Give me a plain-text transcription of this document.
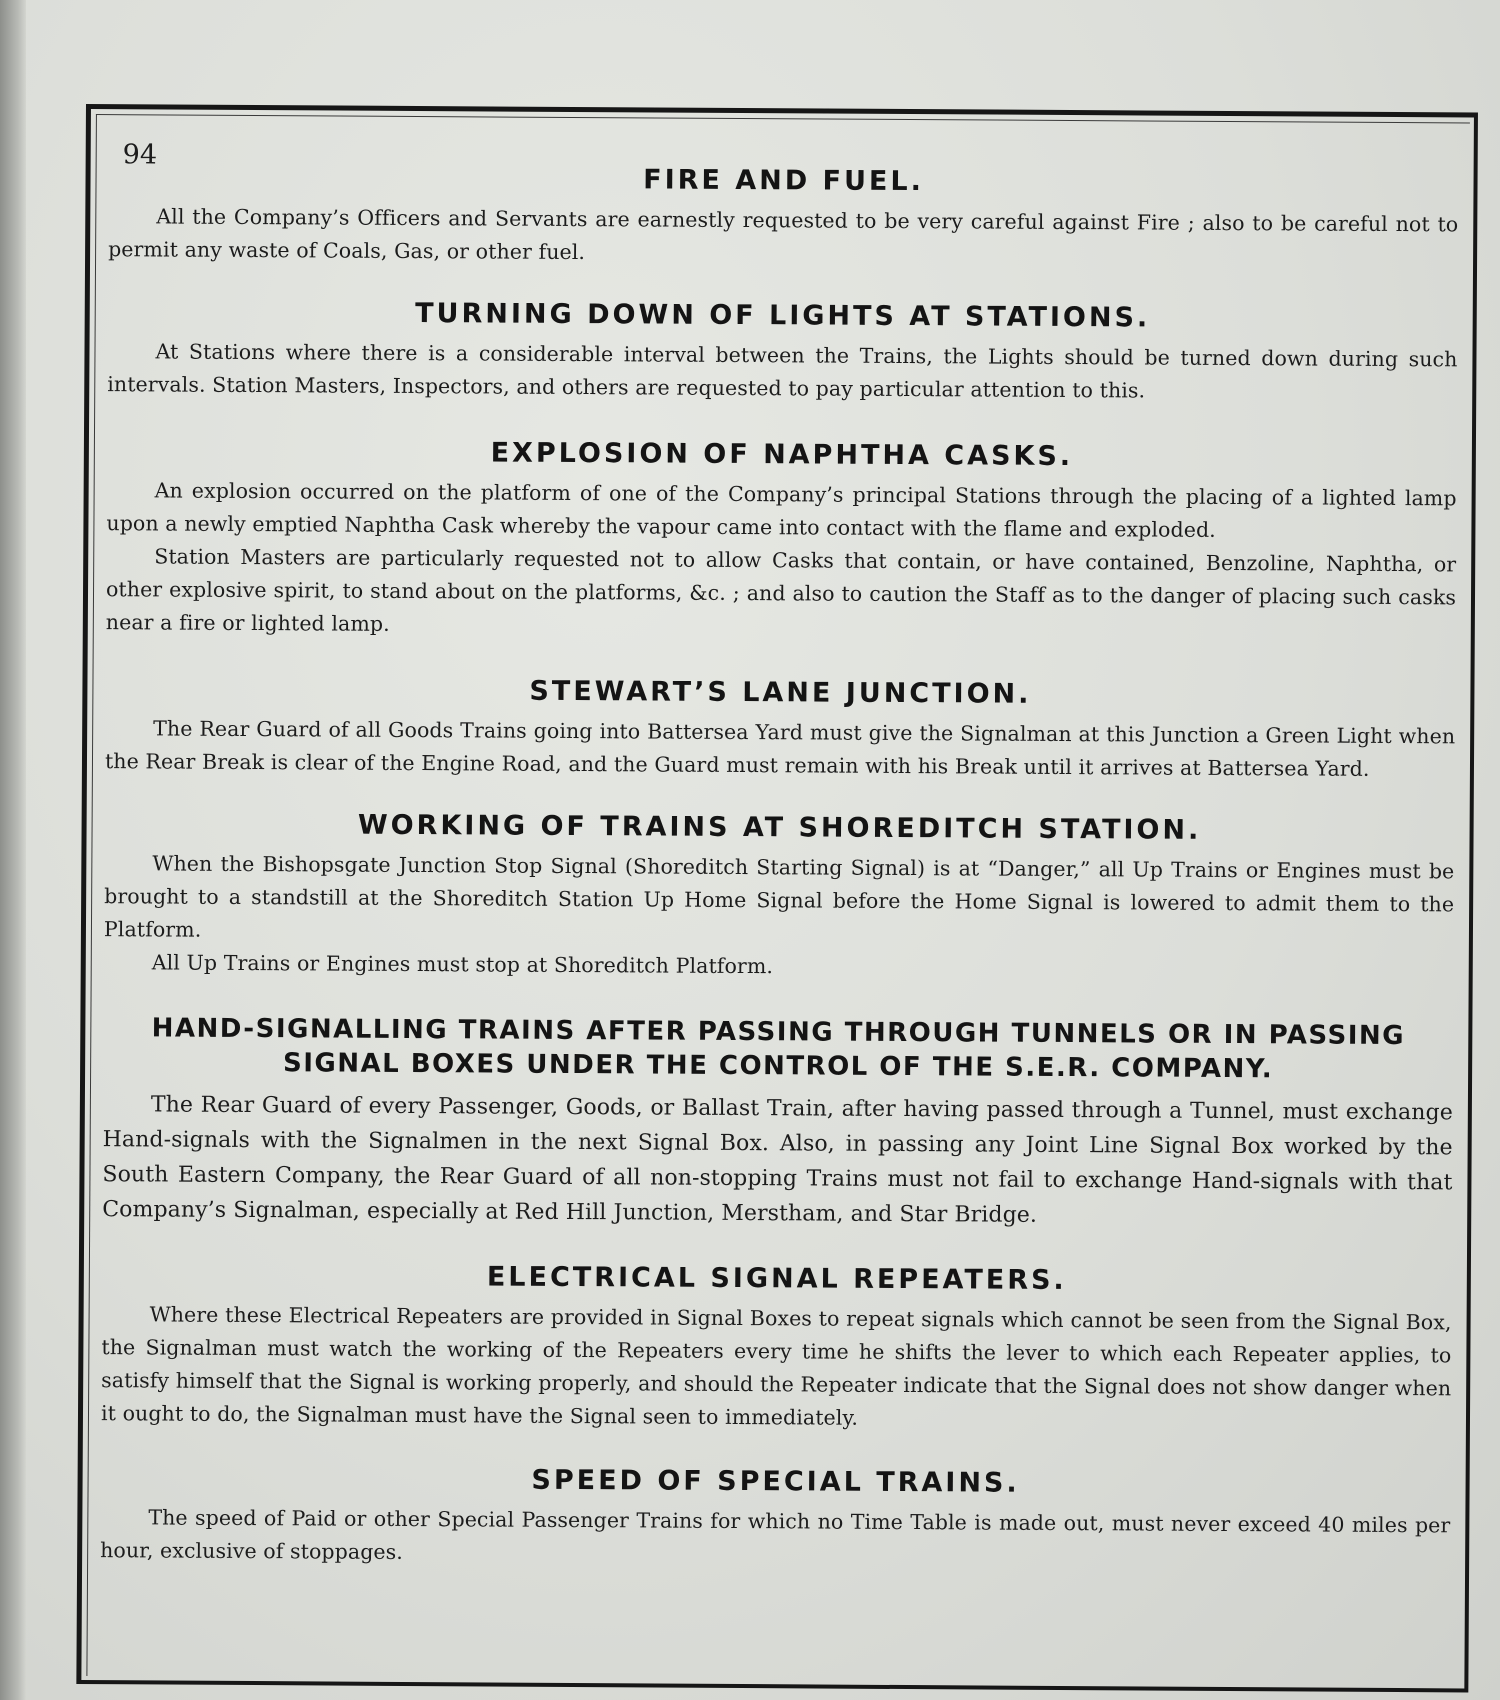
94
FIRE AND FUEL.

All the Company’s Officers and Servants are earnestly requested to be very careful against Fire ; also to be careful not to permit any waste of Coals, Gas, or other fuel.

TURNING DOWN OF LIGHTS AT STATIONS.

At Stations where there is a considerable interval between the Trains, the Lights should be turned down during such intervals. Station Masters, Inspectors, and others are requested to pay particular attention to this.

EXPLOSION OF NAPHTHA CASKS.

An explosion occurred on the platform of one of the Company’s principal Stations through the placing of a lighted lamp upon a newly emptied Naphtha Cask whereby the vapour came into contact with the flame and exploded.

Station Masters are particularly requested not to allow Casks that contain, or have contained, Benzoline, Naphtha, or other explosive spirit, to stand about on the platforms, &c. ; and also to caution the Staff as to the danger of placing such casks near a fire or lighted lamp.

STEWART’S LANE JUNCTION.

The Rear Guard of all Goods Trains going into Battersea Yard must give the Signalman at this Junction a Green Light when the Rear Break is clear of the Engine Road, and the Guard must remain with his Break until it arrives at Battersea Yard.

WORKING OF TRAINS AT SHOREDITCH STATION.

When the Bishopsgate Junction Stop Signal (Shoreditch Starting Signal) is at “Danger,” all Up Trains or Engines must be brought to a standstill at the Shoreditch Station Up Home Signal before the Home Signal is lowered to admit them to the Platform.

All Up Trains or Engines must stop at Shoreditch Platform.

HAND-SIGNALLING TRAINS AFTER PASSING THROUGH TUNNELS OR IN PASSING SIGNAL BOXES UNDER THE CONTROL OF THE S.E.R. COMPANY.

The Rear Guard of every Passenger, Goods, or Ballast Train, after having passed through a Tunnel, must exchange Hand-signals with the Signalmen in the next Signal Box. Also, in passing any Joint Line Signal Box worked by the South Eastern Company, the Rear Guard of all non-stopping Trains must not fail to exchange Hand-signals with that Company’s Signalman, especially at Red Hill Junction, Merstham, and Star Bridge.

ELECTRICAL SIGNAL REPEATERS.

Where these Electrical Repeaters are provided in Signal Boxes to repeat signals which cannot be seen from the Signal Box, the Signalman must watch the working of the Repeaters every time he shifts the lever to which each Repeater applies, to satisfy himself that the Signal is working properly, and should the Repeater indicate that the Signal does not show danger when it ought to do, the Signalman must have the Signal seen to immediately.

SPEED OF SPECIAL TRAINS.

The speed of Paid or other Special Passenger Trains for which no Time Table is made out, must never exceed 40 miles per hour, exclusive of stoppages.
